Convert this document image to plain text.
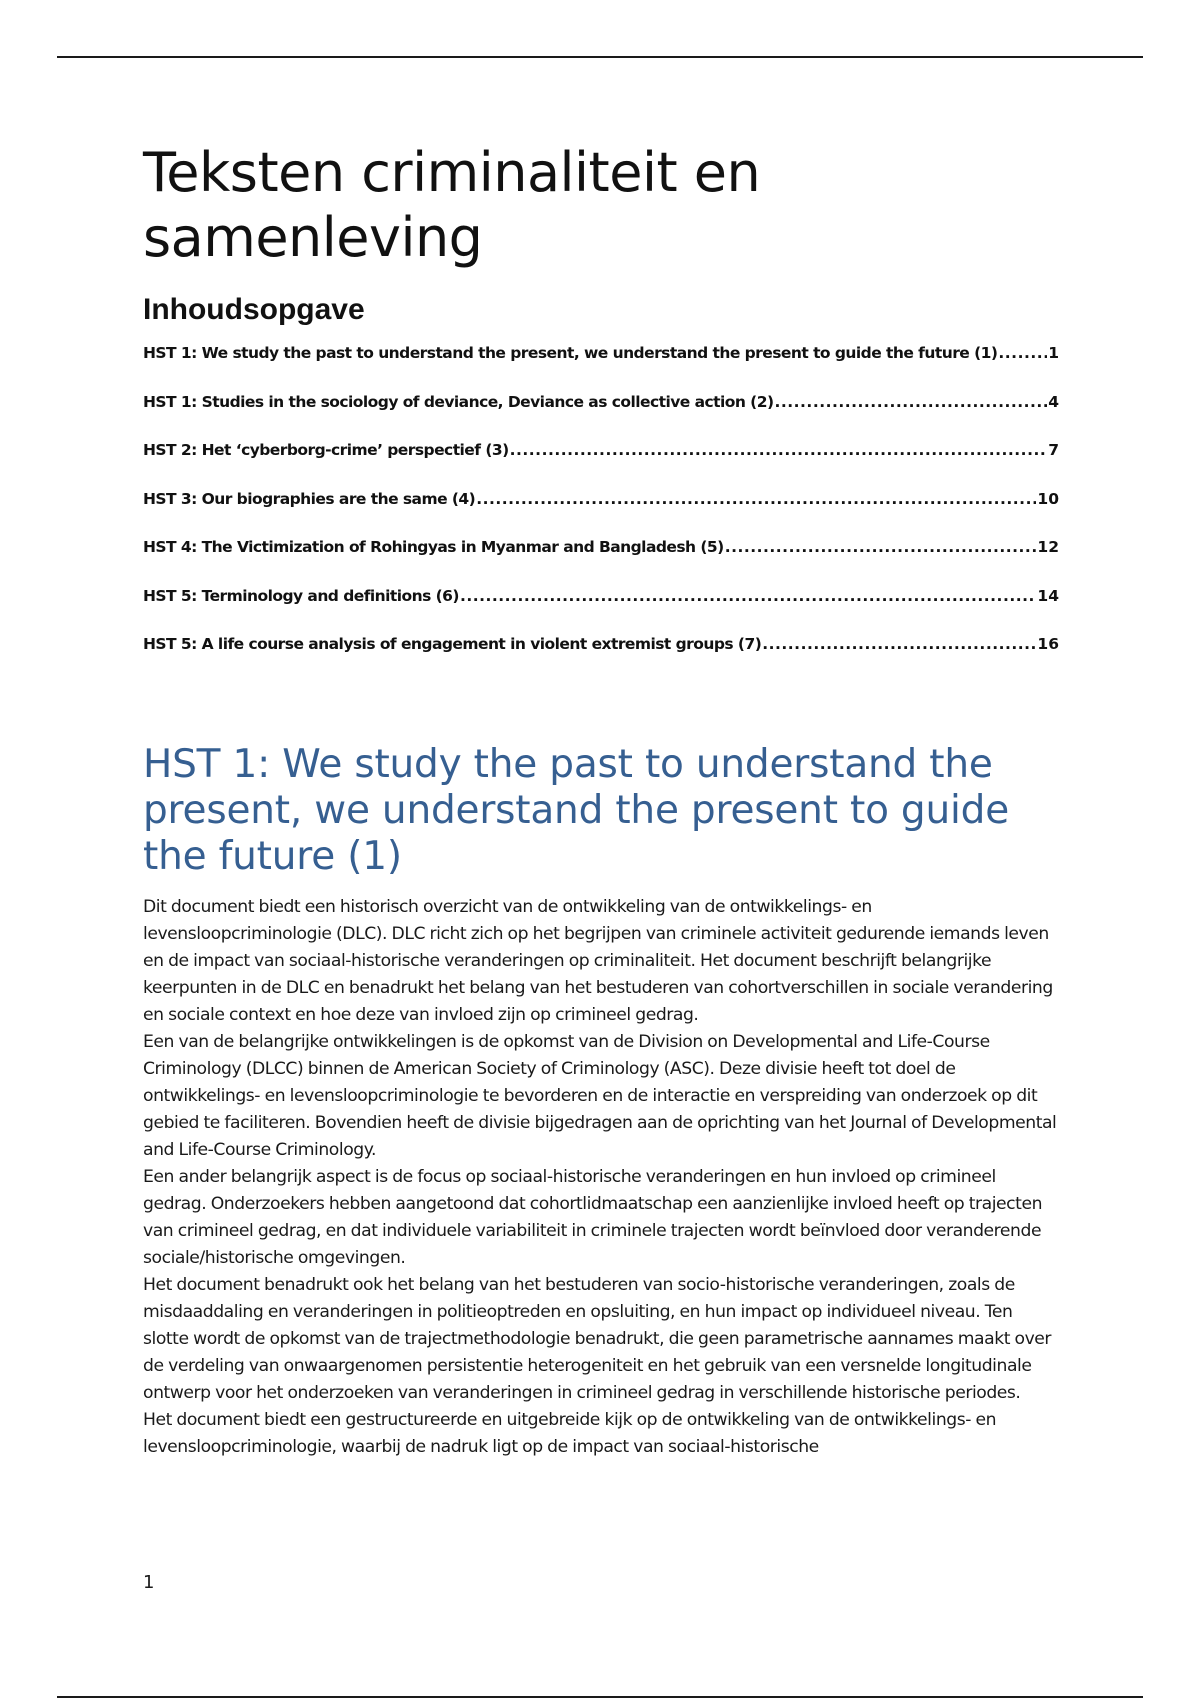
Teksten criminaliteit en samenleving
Inhoudsopgave
HST 1: We study the past to understand the present, we understand the present to guide the future (1) .....	1
HST 1: Studies in the sociology of deviance, Deviance as collective action (2) .....	4
HST 2: Het ‘cyberborg-crime’ perspectief (3) .....	7
HST 3: Our biographies are the same (4) .....	10
HST 4: The Victimization of Rohingyas in Myanmar and Bangladesh (5) .....	12
HST 5: Terminology and definitions (6) .....	14
HST 5: A life course analysis of engagement in violent extremist groups (7) .....	16
HST 1: We study the past to understand the present, we understand the present to guide the future (1)

Dit document biedt een historisch overzicht van de ontwikkeling van de ontwikkelings- en levensloopcriminologie (DLC). DLC richt zich op het begrijpen van criminele activiteit gedurende iemands leven en de impact van sociaal-historische veranderingen op criminaliteit. Het document beschrijft belangrijke keerpunten in de DLC en benadrukt het belang van het bestuderen van cohortverschillen in sociale verandering en sociale context en hoe deze van invloed zijn op crimineel gedrag.

Een van de belangrijke ontwikkelingen is de opkomst van de Division on Developmental and Life-Course Criminology (DLCC) binnen de American Society of Criminology (ASC). Deze divisie heeft tot doel de ontwikkelings- en levensloopcriminologie te bevorderen en de interactie en verspreiding van onderzoek op dit gebied te faciliteren. Bovendien heeft de divisie bijgedragen aan de oprichting van het Journal of Developmental and Life-Course Criminology.

Een ander belangrijk aspect is de focus op sociaal-historische veranderingen en hun invloed op crimineel gedrag. Onderzoekers hebben aangetoond dat cohortlidmaatschap een aanzienlijke invloed heeft op trajecten van crimineel gedrag, en dat individuele variabiliteit in criminele trajecten wordt beïnvloed door veranderende sociale/historische omgevingen.

Het document benadrukt ook het belang van het bestuderen van socio-historische veranderingen, zoals de misdaaddaling en veranderingen in politieoptreden en opsluiting, en hun impact op individueel niveau. Ten slotte wordt de opkomst van de trajectmethodologie benadrukt, die geen parametrische aannames maakt over de verdeling van onwaargenomen persistentie heterogeniteit en het gebruik van een versnelde longitudinale ontwerp voor het onderzoeken van veranderingen in crimineel gedrag in verschillende historische periodes.

Het document biedt een gestructureerde en uitgebreide kijk op de ontwikkeling van de ontwikkelings- en levensloopcriminologie, waarbij de nadruk ligt op de impact van sociaal-historische

1
